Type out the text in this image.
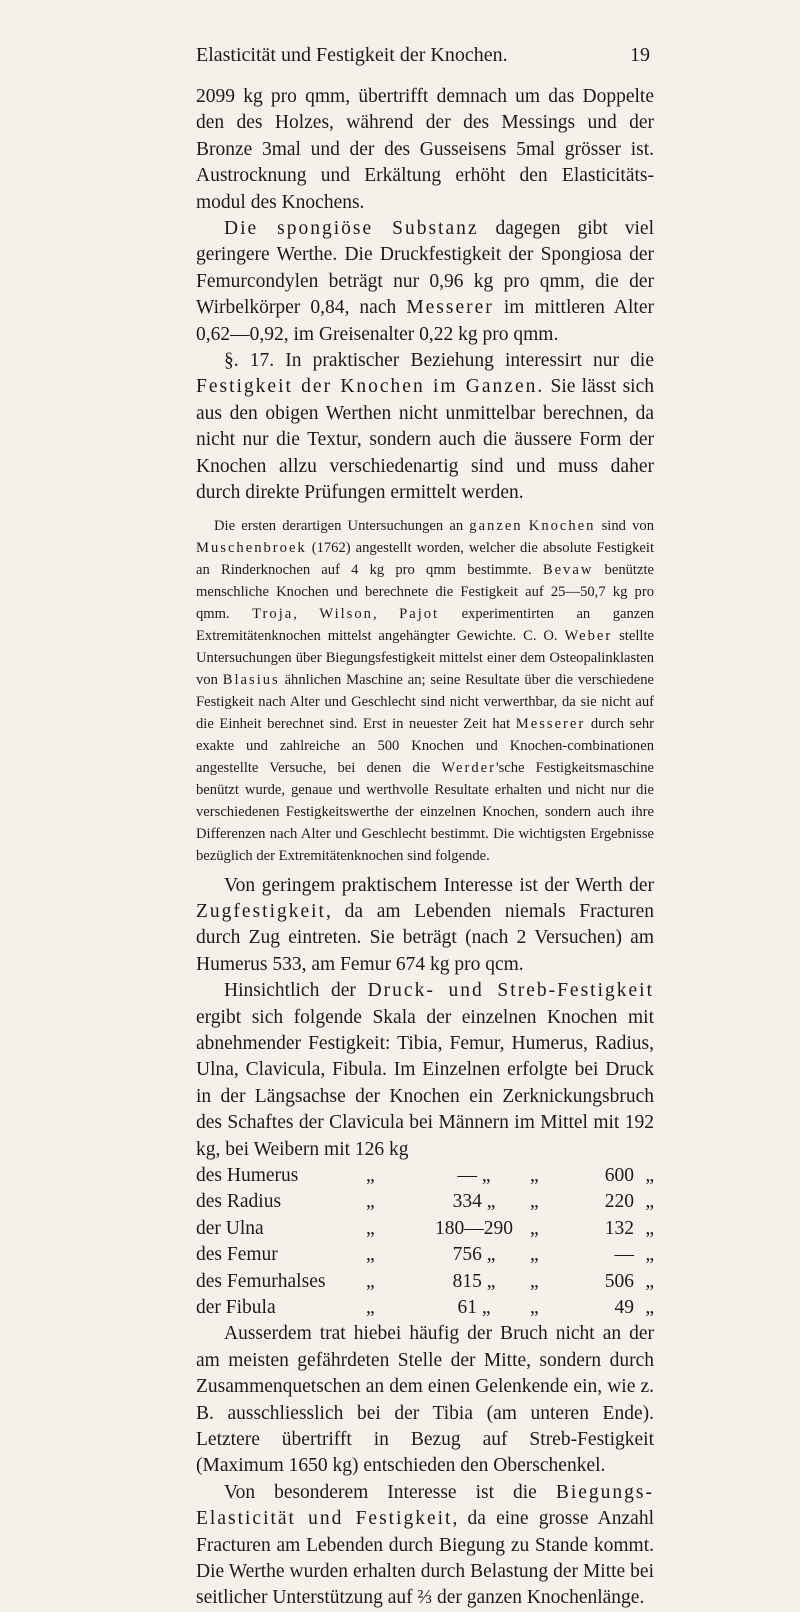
Elasticität und Festigkeit der Knochen.	19

2099 kg pro qmm, übertrifft demnach um das Doppelte den des Holzes, während der des Messings und der Bronze 3mal und der des Gusseisens 5mal grösser ist. Austrocknung und Erkältung erhöht den Elasticitäts-modul des Knochens.

Die spongiöse Substanz dagegen gibt viel geringere Werthe. Die Druckfestigkeit der Spongiosa der Femurcondylen beträgt nur 0,96 kg pro qmm, die der Wirbelkörper 0,84, nach Messerer im mittleren Alter 0,62—0,92, im Greisenalter 0,22 kg pro qmm.

§. 17. In praktischer Beziehung interessirt nur die Festigkeit der Knochen im Ganzen. Sie lässt sich aus den obigen Werthen nicht unmittelbar berechnen, da nicht nur die Textur, sondern auch die äussere Form der Knochen allzu verschiedenartig sind und muss daher durch direkte Prüfungen ermittelt werden.

Die ersten derartigen Untersuchungen an ganzen Knochen sind von Muschenbroek (1762) angestellt worden, welcher die absolute Festigkeit an Rinderknochen auf 4 kg pro qmm bestimmte. Bevaw benützte menschliche Knochen und berechnete die Festigkeit auf 25—50,7 kg pro qmm. Troja, Wilson, Pajot experimentirten an ganzen Extremitätenknochen mittelst angehängter Gewichte. C. O. Weber stellte Untersuchungen über Biegungsfestigkeit mittelst einer dem Osteopalinklasten von Blasius ähnlichen Maschine an; seine Resultate über die verschiedene Festigkeit nach Alter und Geschlecht sind nicht verwerthbar, da sie nicht auf die Einheit berechnet sind. Erst in neuester Zeit hat Messerer durch sehr exakte und zahlreiche an 500 Knochen und Knochen-combinationen angestellte Versuche, bei denen die Werder'sche Festigkeitsmaschine benützt wurde, genaue und werthvolle Resultate erhalten und nicht nur die verschiedenen Festigkeitswerthe der einzelnen Knochen, sondern auch ihre Differenzen nach Alter und Geschlecht bestimmt. Die wichtigsten Ergebnisse bezüglich der Extremitätenknochen sind folgende.

Von geringem praktischem Interesse ist der Werth der Zugfestigkeit, da am Lebenden niemals Fracturen durch Zug eintreten. Sie beträgt (nach 2 Versuchen) am Humerus 533, am Femur 674 kg pro qcm.

Hinsichtlich der Druck- und Streb-Festigkeit ergibt sich folgende Skala der einzelnen Knochen mit abnehmender Festigkeit: Tibia, Femur, Humerus, Radius, Ulna, Clavicula, Fibula. Im Einzelnen erfolgte bei Druck in der Längsachse der Knochen ein Zerknickungsbruch des Schaftes der Clavicula bei Männern im Mittel mit 192 kg, bei Weibern mit 126 kg

des Humerus	„	— „	„	600	„
des Radius	„	334 „	„	220	„
der Ulna	„	180—290	„	132	„
des Femur	„	756 „	„	—	„
des Femurhalses	„	815 „	„	506	„
der Fibula	„	61 „	„	49	„

Ausserdem trat hiebei häufig der Bruch nicht an der am meisten gefährdeten Stelle der Mitte, sondern durch Zusammenquetschen an dem einen Gelenkende ein, wie z. B. ausschliesslich bei der Tibia (am unteren Ende). Letztere übertrifft in Bezug auf Streb-Festigkeit (Maximum 1650 kg) entschieden den Oberschenkel.

Von besonderem Interesse ist die Biegungs-Elasticität und Festigkeit, da eine grosse Anzahl Fracturen am Lebenden durch Biegung zu Stande kommt. Die Werthe wurden erhalten durch Belastung der Mitte bei seitlicher Unterstützung auf ⅔ der ganzen Knochenlänge.
